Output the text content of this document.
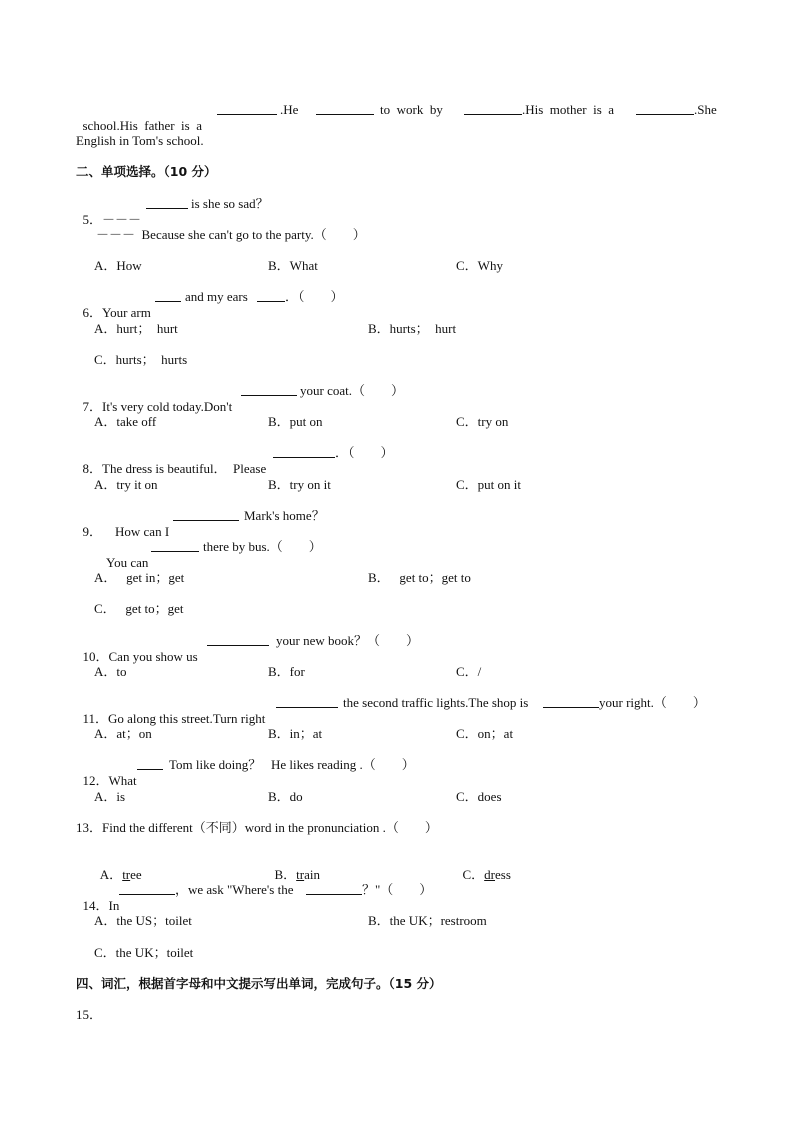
school.His  father  is  a

.He

	to  work  by

	.His  mother  is  a

	.She

English in Tom's school.
二、单项选择。（10 分）

5．－－－

is she so sad？

－－－  Because she can't go to the party.（        ）
A．How	B．What	C．Why

6．Your arm

and my ears

	．（        ）

A．hurt；  hurt	B．hurts；  hurt
C．hurts；  hurts

7．It's very cold today.Don't

your coat.（        ）

A．take off	B．put on	C．try on

8．The dress is beautiful．  Please

．（        ）

A．try it on	B．try on it	C．put on it

9．    How can I

Mark's home？

You can

there by bus.（        ）

A．   get in；get	B．   get to；get to
C．   get to；get

10．Can you show us

your new book？（        ）

A．to	B．for	C．/

11．Go along this street.Turn right

the second traffic lights.The shop is

	your right.（        ）

A．at；on	B．in；at	C．on；at

12．What

Tom like doing？   He likes reading .（        ）

A．is	B．do	C．does
13．Find the different（不同）word in the pronunciation .（        ）

A．tree	B．train	C．dress

14．In

，we ask "Where's the

	？"（        ）

A．the US；toilet	B．the UK；restroom
C．the UK；toilet
四、词汇，根据首字母和中文提示写出单词，完成句子。（15 分）
15．
